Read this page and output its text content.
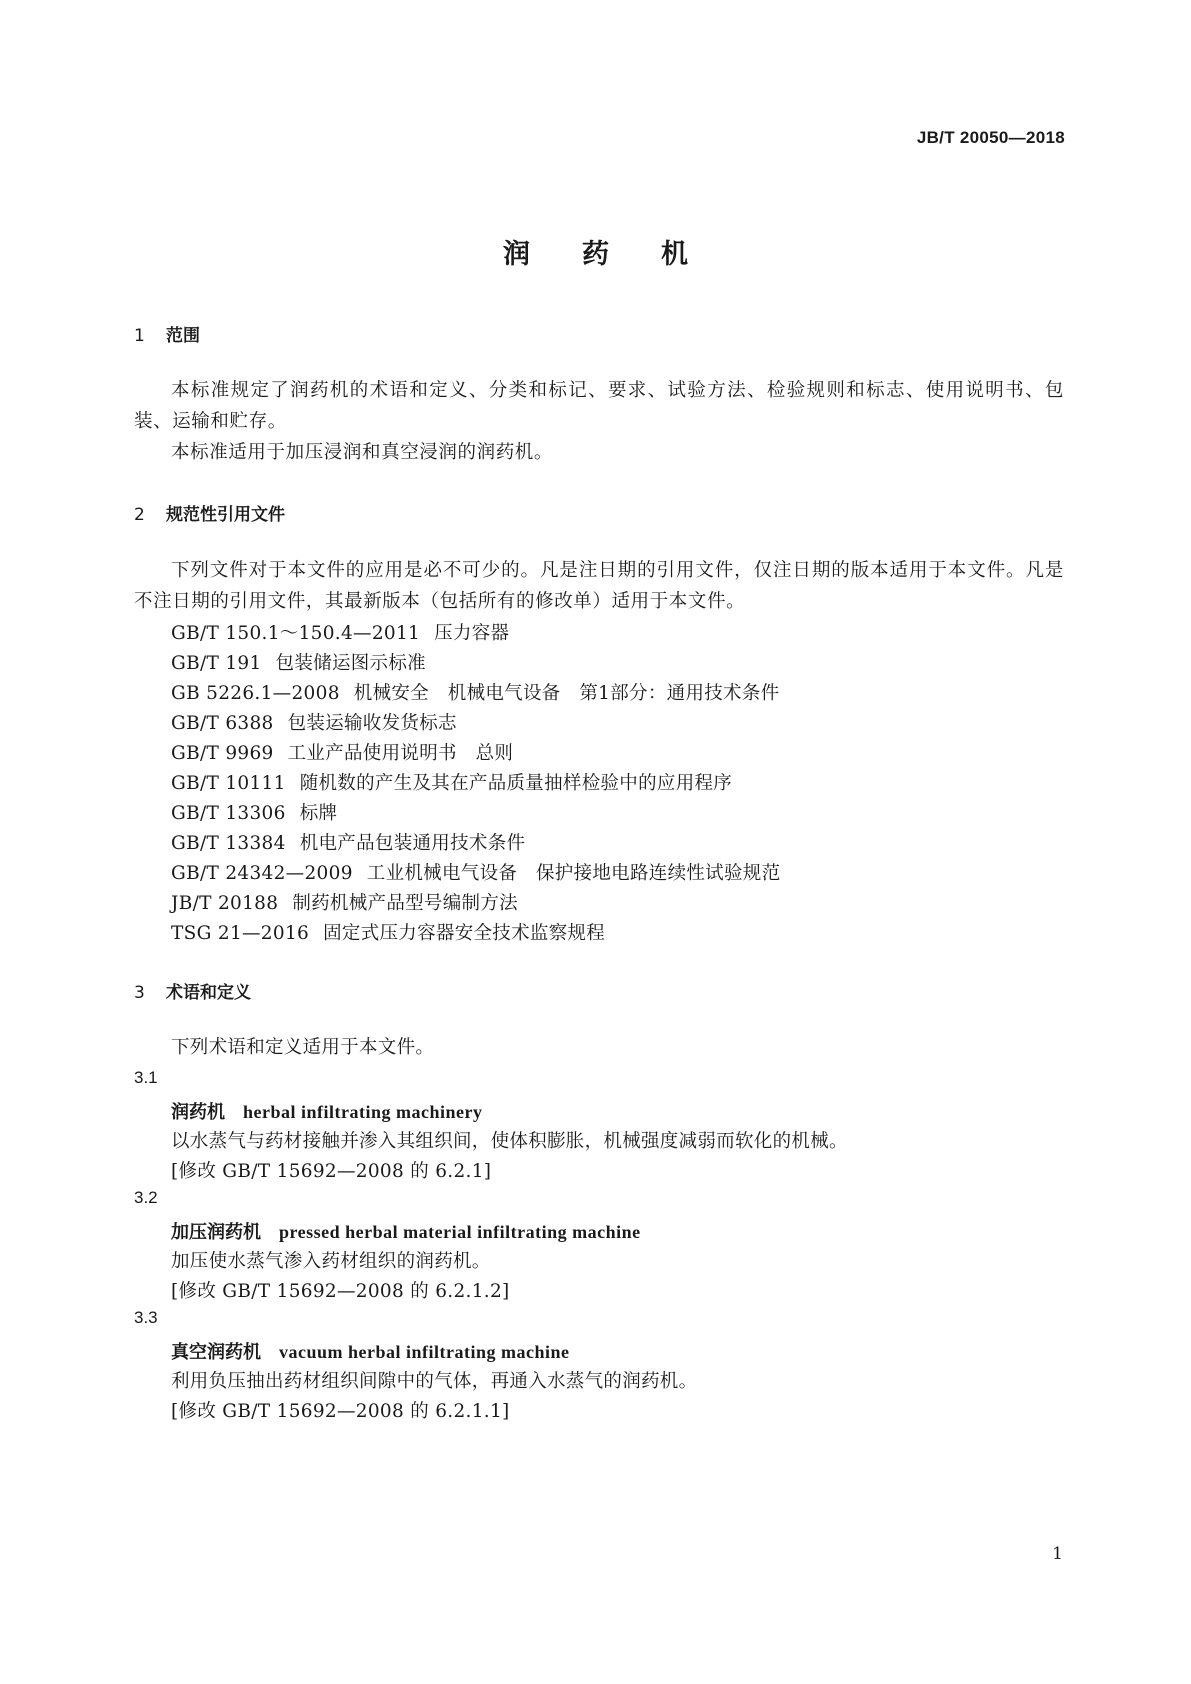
JB/T 20050—2018
润 药 机
1 范围
本标准规定了润药机的术语和定义、分类和标记、要求、试验方法、检验规则和标志、使用说明书、包装、运输和贮存。
本标准适用于加压浸润和真空浸润的润药机。
2 规范性引用文件
下列文件对于本文件的应用是必不可少的。凡是注日期的引用文件，仅注日期的版本适用于本文件。凡是不注日期的引用文件，其最新版本（包括所有的修改单）适用于本文件。
GB/T 150.1～150.4—2011 压力容器
GB/T 191 包装储运图示标准
GB 5226.1—2008 机械安全　机械电气设备　第1部分：通用技术条件
GB/T 6388 包装运输收发货标志
GB/T 9969 工业产品使用说明书　总则
GB/T 10111 随机数的产生及其在产品质量抽样检验中的应用程序
GB/T 13306 标牌
GB/T 13384 机电产品包装通用技术条件
GB/T 24342—2009 工业机械电气设备　保护接地电路连续性试验规范
JB/T 20188 制药机械产品型号编制方法
TSG 21—2016 固定式压力容器安全技术监察规程
3 术语和定义
下列术语和定义适用于本文件。
3.1
润药机 herbal infiltrating machinery
以水蒸气与药材接触并渗入其组织间，使体积膨胀，机械强度减弱而软化的机械。
[修改 GB/T 15692—2008 的 6.2.1]
3.2
加压润药机 pressed herbal material infiltrating machine
加压使水蒸气渗入药材组织的润药机。
[修改 GB/T 15692—2008 的 6.2.1.2]
3.3
真空润药机 vacuum herbal infiltrating machine
利用负压抽出药材组织间隙中的气体，再通入水蒸气的润药机。
[修改 GB/T 15692—2008 的 6.2.1.1]
1
